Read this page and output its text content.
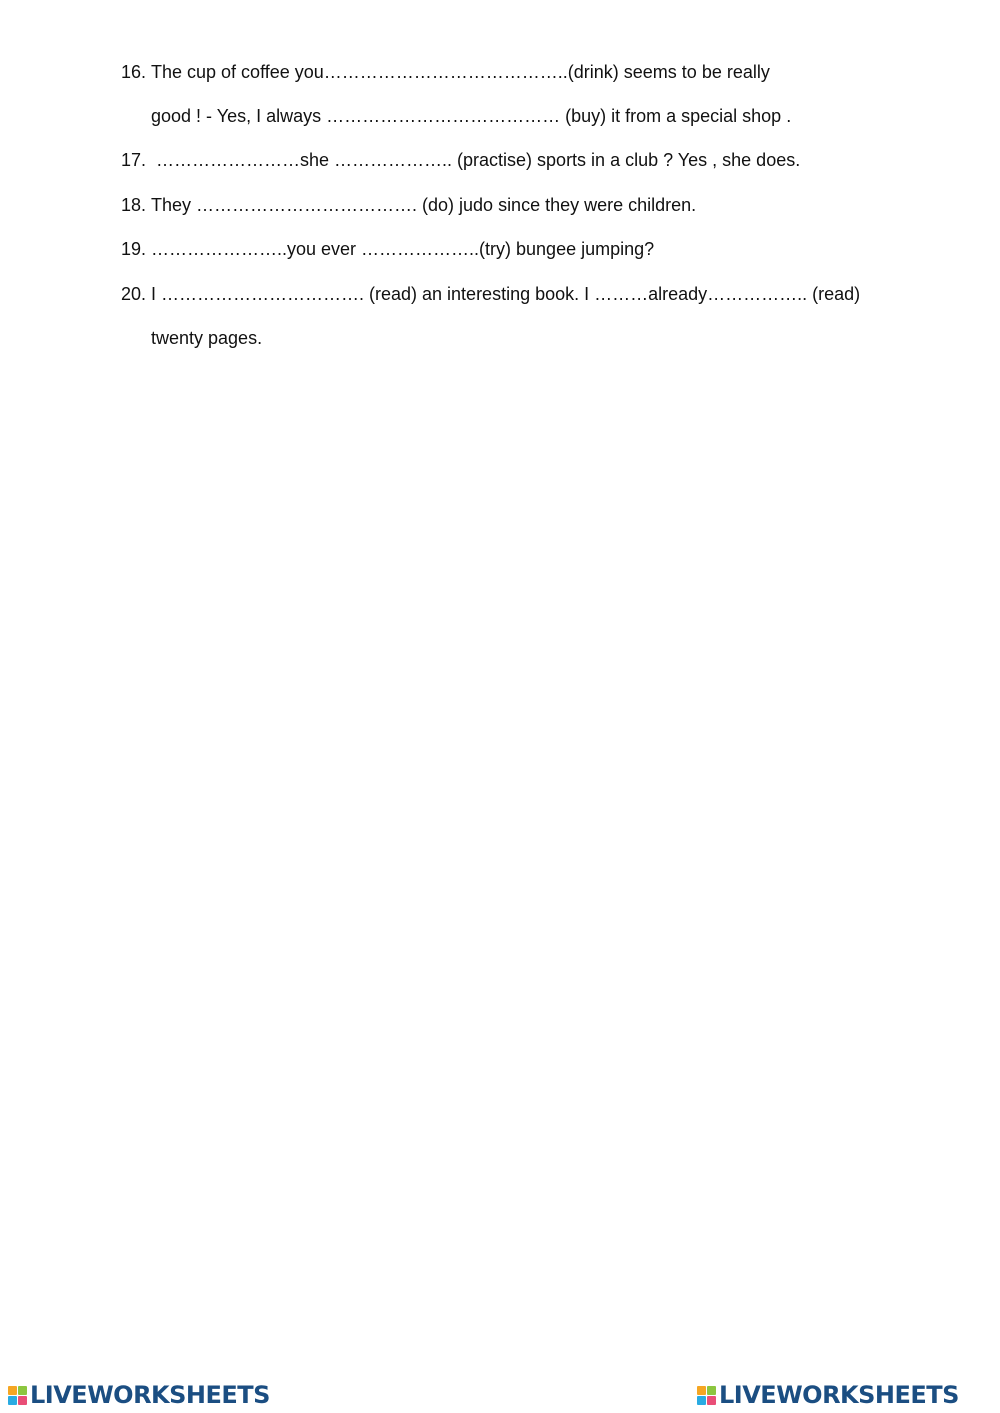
16. The cup of coffee you…………………………………..(drink) seems to be really
good ! - Yes, I always ………………………………… (buy) it from a special shop .
17. ……………………she ……………….. (practise) sports in a club ? Yes , she does.
18. They ………………………………. (do) judo since they were children.
19. …………………..you ever ………………..(try) bungee jumping?
20. I ……………………………. (read) an interesting book. I ………already…………….. (read)
twenty pages.
LIVEWORKSHEETS	LIVEWORKSHEETS
